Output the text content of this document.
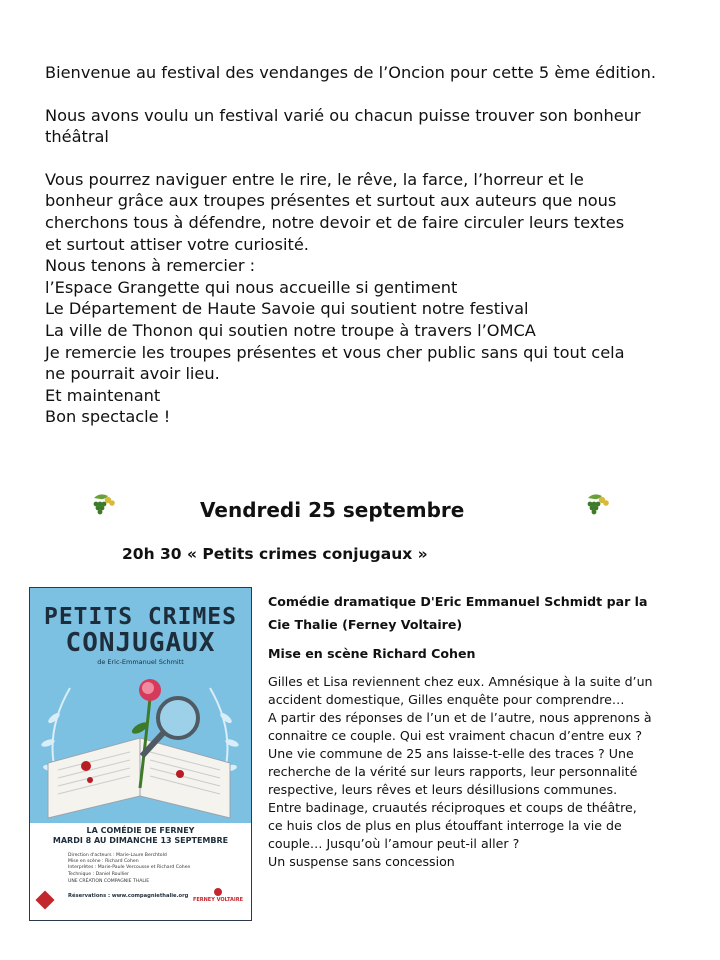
Bienvenue au festival des vendanges de l’Oncion pour cette 5 ème édition.

Nous avons voulu un festival varié ou chacun puisse trouver son bonheur

théâtral

Vous pourrez naviguer entre le rire, le rêve, la farce, l’horreur et le

bonheur grâce aux troupes présentes et surtout aux auteurs que nous

cherchons tous à défendre, notre devoir et de faire circuler leurs textes

et surtout attiser votre curiosité.

Nous tenons à remercier :

l’Espace Grangette qui nous accueille si gentiment

Le Département de Haute Savoie qui soutient notre festival

La ville de Thonon qui soutien notre troupe à travers l’OMCA

Je remercie les troupes présentes et vous cher public sans qui tout cela

ne pourrait avoir lieu.

Et maintenant

Bon spectacle !

Vendredi 25 septembre
20h 30 « Petits crimes conjugaux »
PETITS CRIMES
CONJUGAUX
de Eric-Emmanuel Schmitt
LA COMÉDIE DE FERNEY
MARDI 8 AU DIMANCHE 13 SEPTEMBRE
Direction d'acteurs : Marie-Laure Berchtold
Mise en scène : Richard Cohen
Interprètes : Marie-Paule Vercousse et Richard Cohen
Technique : Daniel Roullier
UNE CRÉATION COMPAGNIE THALIE
Réservations : www.compagniethalie.org
FERNEY VOLTAIRE
Comédie dramatique D'Eric Emmanuel Schmidt par la
Cie Thalie (Ferney Voltaire)
Mise en scène Richard Cohen
Gilles et Lisa reviennent chez eux. Amnésique à la suite d’un
accident domestique, Gilles enquête pour comprendre…
A partir des réponses de l’un et de l’autre, nous apprenons à
connaitre ce couple. Qui est vraiment chacun d’entre eux ?
Une vie commune de 25 ans laisse-t-elle des traces ? Une
recherche de la vérité sur leurs rapports, leur personnalité
respective, leurs rêves et leurs désillusions communes.
Entre badinage, cruautés réciproques et coups de théâtre,
ce huis clos de plus en plus étouffant interroge la vie de
couple… Jusqu’où l’amour peut-il aller ?
Un suspense sans concession
